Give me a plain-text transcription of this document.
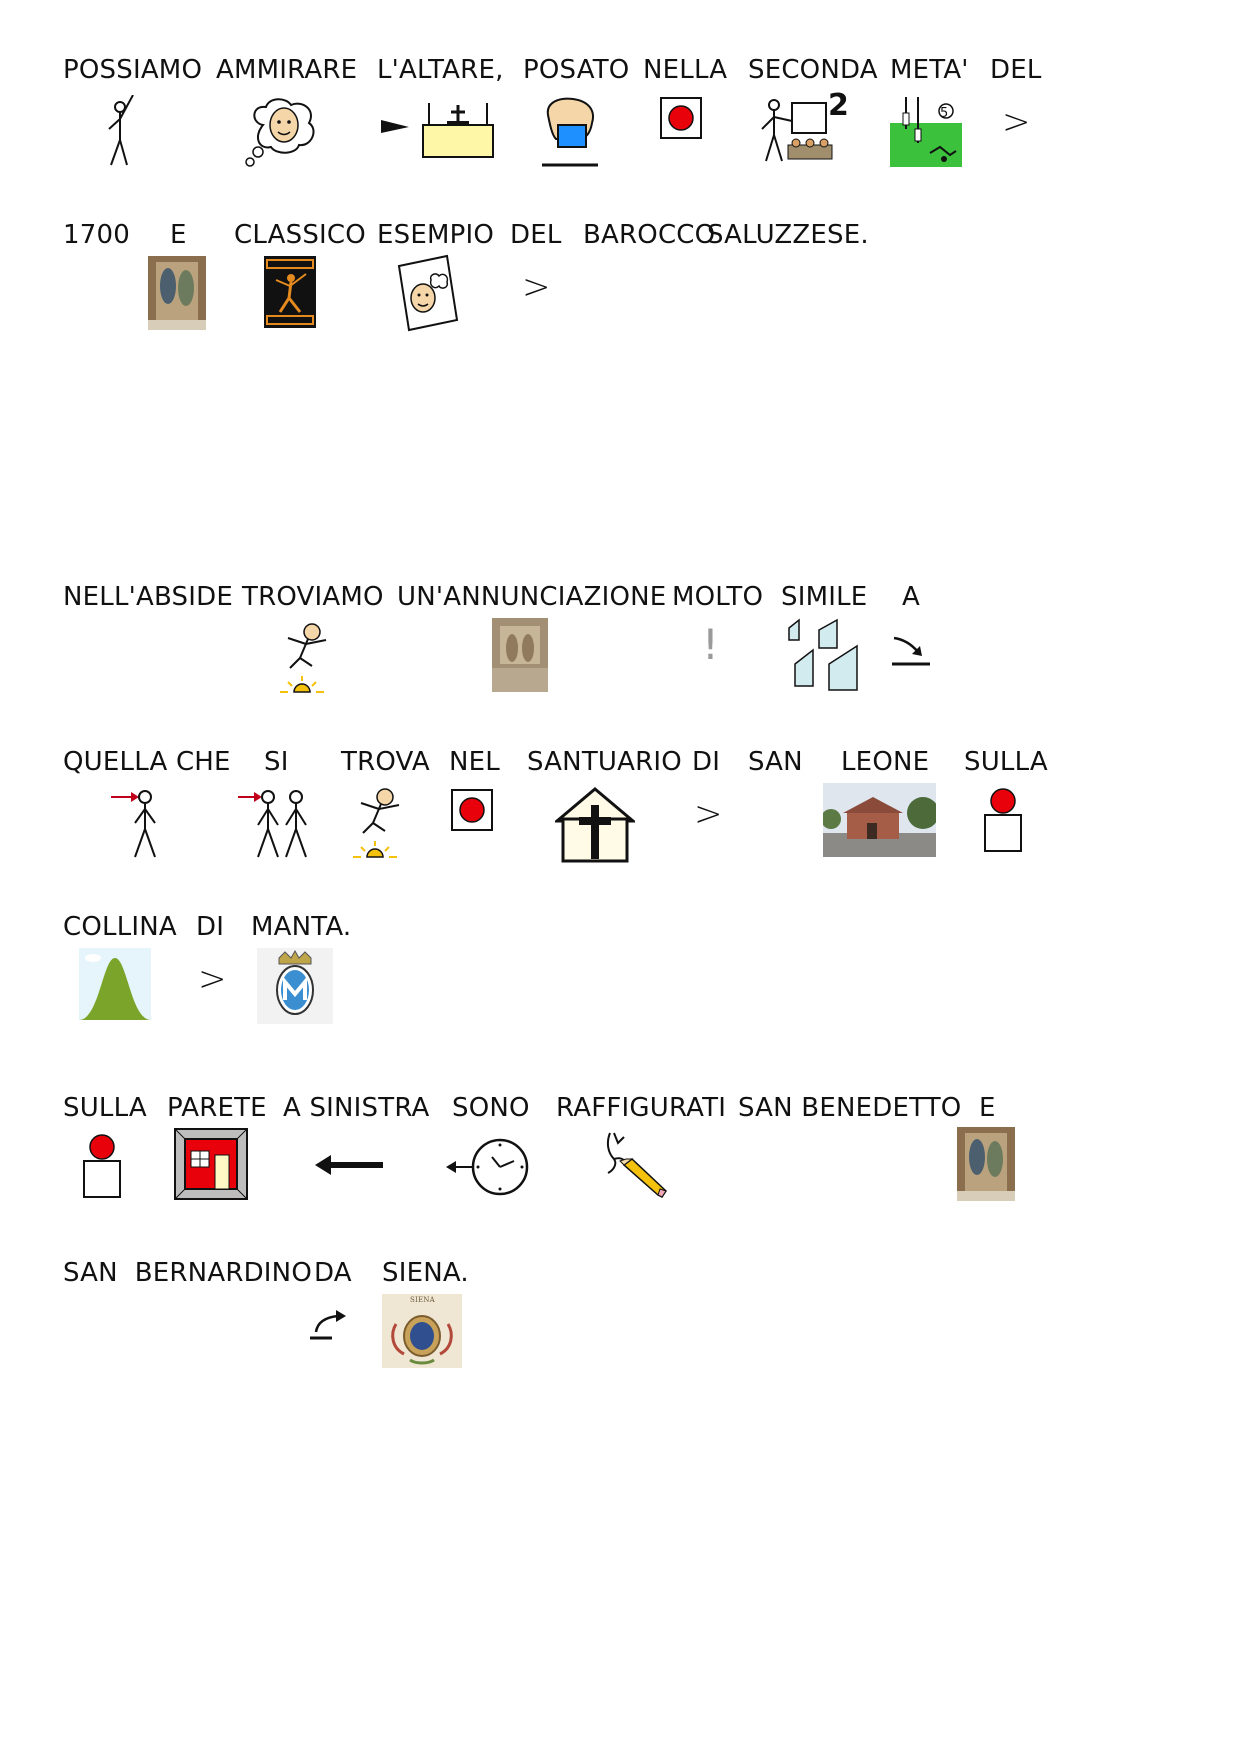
POSSIAMO AMMIRARE L'ALTARE, POSATO NELLA SECONDA
2
META'
5
DEL
>
1700 E CLASSICO ESEMPIO DEL
>
BAROCCO
SALUZZESE.
NELL'ABSIDE TROVIAMO UN'ANNUNCIAZIONE MOLTO
!
SIMILE A
QUELLA CHE SI TROVA NEL SANTUARIO DI
>
SAN LEONE SULLA
COLLINA DI
>
MANTA.
SULLA PARETE A SINISTRA SONO RAFFIGURATI SAN BENEDETTO E
SAN  BERNARDINO DA SIENA.
SIENA
